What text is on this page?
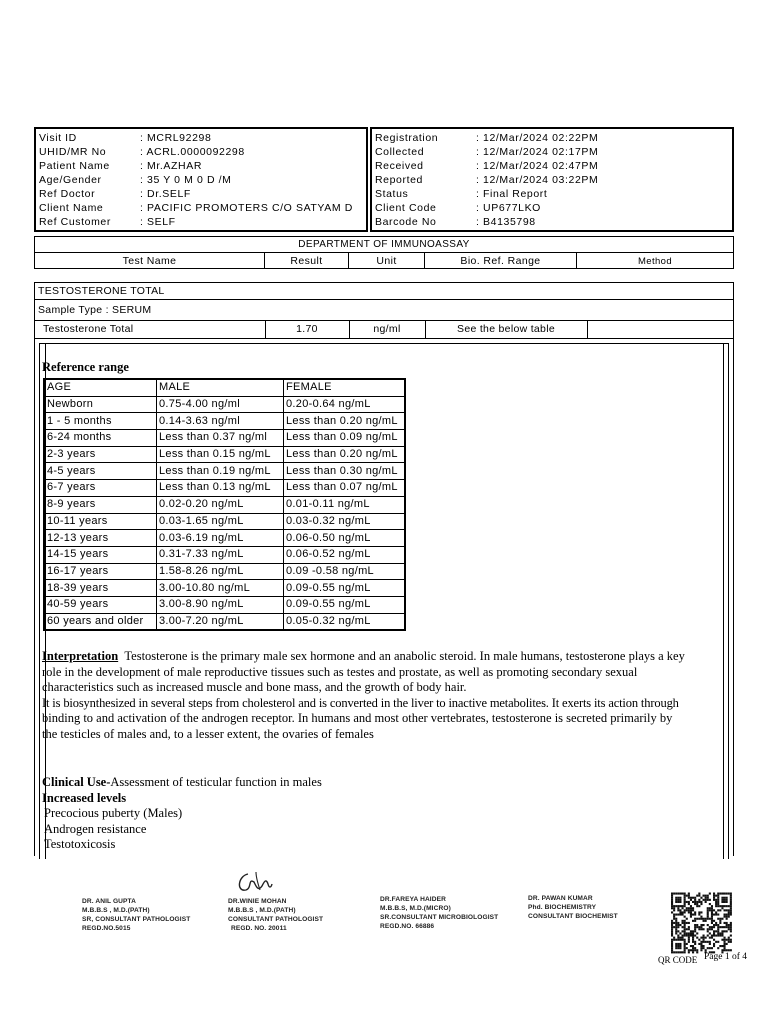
Visit ID	: MCRL92298
UHID/MR No	: ACRL.0000092298
Patient Name	: Mr.AZHAR
Age/Gender	: 35 Y 0 M 0 D /M
Ref Doctor	: Dr.SELF
Client Name	: PACIFIC PROMOTERS C/O SATYAM D
Ref Customer	: SELF
Registration	: 12/Mar/2024 02:22PM
Collected	: 12/Mar/2024 02:17PM
Received	: 12/Mar/2024 02:47PM
Reported	: 12/Mar/2024 03:22PM
Status	: Final Report
Client Code	: UP677LKO
Barcode No	: B4135798
DEPARTMENT OF IMMUNOASSAY
Test Name	Result	Unit	Bio. Ref. Range	Method
TESTOSTERONE TOTAL
Sample Type : SERUM
Testosterone Total	1.70	ng/ml	See the below table
Reference range
AGE	MALE	FEMALE
Newborn	0.75-4.00 ng/ml	0.20-0.64 ng/mL
1 - 5 months	0.14-3.63 ng/ml	Less than 0.20 ng/mL
6-24 months	Less than 0.37 ng/ml	Less than 0.09 ng/mL
2-3 years	Less than 0.15 ng/mL	Less than 0.20 ng/mL
4-5 years	Less than 0.19 ng/mL	Less than 0.30 ng/mL
6-7 years	Less than 0.13 ng/mL	Less than 0.07 ng/mL
8-9 years	0.02-0.20 ng/mL	0.01-0.11 ng/mL
10-11 years	0.03-1.65 ng/mL	0.03-0.32 ng/mL
12-13 years	0.03-6.19 ng/mL	0.06-0.50 ng/mL
14-15 years	0.31-7.33 ng/mL	0.06-0.52 ng/mL
16-17 years	1.58-8.26 ng/mL	0.09 -0.58 ng/mL
18-39 years	3.00-10.80 ng/mL	0.09-0.55 ng/mL
40-59 years	3.00-8.90 ng/mL	0.09-0.55 ng/mL
60 years and older	3.00-7.20 ng/mL	0.05-0.32 ng/mL
Interpretation Testosterone is the primary male sex hormone and an anabolic steroid. In male humans, testosterone plays a key
role in the development of male reproductive tissues such as testes and prostate, as well as promoting secondary sexual
characteristics such as increased muscle and bone mass, and the growth of body hair.
It is biosynthesized in several steps from cholesterol and is converted in the liver to inactive metabolites. It exerts its action through
binding to and activation of the androgen receptor. In humans and most other vertebrates, testosterone is secreted primarily by
the testicles of males and, to a lesser extent, the ovaries of females
Clinical Use-Assessment of testicular function in males
Increased levels
Precocious puberty (Males)
Androgen resistance
Testotoxicosis
DR. ANIL GUPTA
M.B.B.S , M.D.(PATH)
SR, CONSULTANT PATHOLOGIST
REGD.NO.5015
DR.WINIE MOHAN
M.B.B.S , M.D.(PATH)
CONSULTANT PATHOLOGIST
REGD. NO. 20011
DR.FAREYA HAIDER
M.B.B.S, M.D.(MICRO)
SR.CONSULTANT MICROBIOLOGIST
REGD.NO. 66886
DR. PAWAN KUMAR
Phd. BIOCHEMISTRY
CONSULTANT BIOCHEMIST
QR CODE Page 1 of 4
